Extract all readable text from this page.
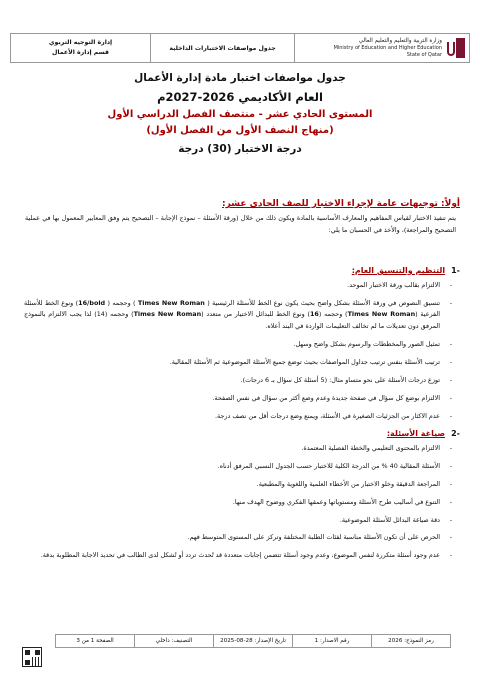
وزارة التربية والتعليم والتعليم العالي
Ministry of Education and Higher Education
State of Qatar
جدول مواصفات الاختبارات الداخلية
إدارة التوجيه التربوي
قسم إدارة الأعمال
جدول مواصفات اختبار مادة إدارة الأعمال
العام الأكاديمي 2026-2027م
المستوى الحادي عشر - منتصف الفصل الدراسي الأول
(منهاج النصف الأول من الفصل الأول)
درجة الاختبار (30) درجة
أولاً: توجيهات عامة لإجراء الاختبار للصف الحادي عشر:
يتم تنفيذ الاختبار لقياس المفاهيم والمعارف الأساسية بالمادة ويكون ذلك من خلال (ورقة الأسئلة – نموذج الإجابة – التصحيح يتم وفق المعايير المعمول بها في عملية التصحيح والمراجعة)، والأخذ في الحسبان ما يلي:
-1
التنظيم والتنسيق العام:
- الالتزام بقالب ورقة الاختبار الموحد.
- تنسيق النصوص في ورقة الأسئلة بشكل واضح بحيث يكون نوع الخط للأسئلة الرئيسية ( Times New Roman ) وحجمه ( 16/bold) ونوع الخط للأسئلة الفرعية (Times New Roman) وحجمه (16) ونوع الخط للبدائل الاختيار من متعدد (Times New Roman) وحجمه (14) لذا يجب الالتزام بالنموذج المرفق دون تعديلات ما لم تخالف التعليمات الواردة في البند أعلاه.
- تمثيل الصور والمخططات والرسوم بشكل واضح وسهل.
- ترتيب الأسئلة بنفس ترتيب جداول المواصفات بحيث توضع جميع الأسئلة الموضوعية ثم الأسئلة المقالية.
- توزع درجات الأسئلة على نحو متساو مثال: (5 أسئلة كل سؤال بـ 6 درجات).
- الالتزام بوضع كل سؤال في صفحة جديدة وعدم وضع أكثر من سؤال في نفس الصفحة.
- عدم الاكثار من الجزئيات الصغيرة في الأسئلة، ويمنع وضع درجات أقل من نصف درجة.
-2
صياغة الأسئلة:
- الالتزام بالمحتوى التعليمي والخطة الفصلية المعتمدة.
- الأسئلة المقالية 40 % من الدرجة الكلية للاختبار حسب الجدول النسبي المرفق أدناه.
- المراجعة الدقيقة وخلو الاختبار من الأخطاء العلمية واللغوية والمطبعية.
- التنوع في أساليب طرح الأسئلة ومستوياتها وعمقها الفكري ووضوح الهدف منها.
- دقة صياغة البدائل للأسئلة الموضوعية.
- الحرص على أن تكون الأسئلة مناسبة لفئات الطلبة المختلفة وتركز على المستوى المتوسط فهم.
- عدم وجود أسئلة متكررة لنفس الموضوع، وعدم وجود أسئلة تتضمن إجابات متعددة قد تُحدث تردد أو تُشكل لدى الطالب في تحديد الاجابة المطلوبة بدقة.
رمز النموذج: 2026
رقم الاصدار: 1
تاريخ الإصدار: 28-08-2025
التصنيف: داخلي
الصفحة 1 من 3
